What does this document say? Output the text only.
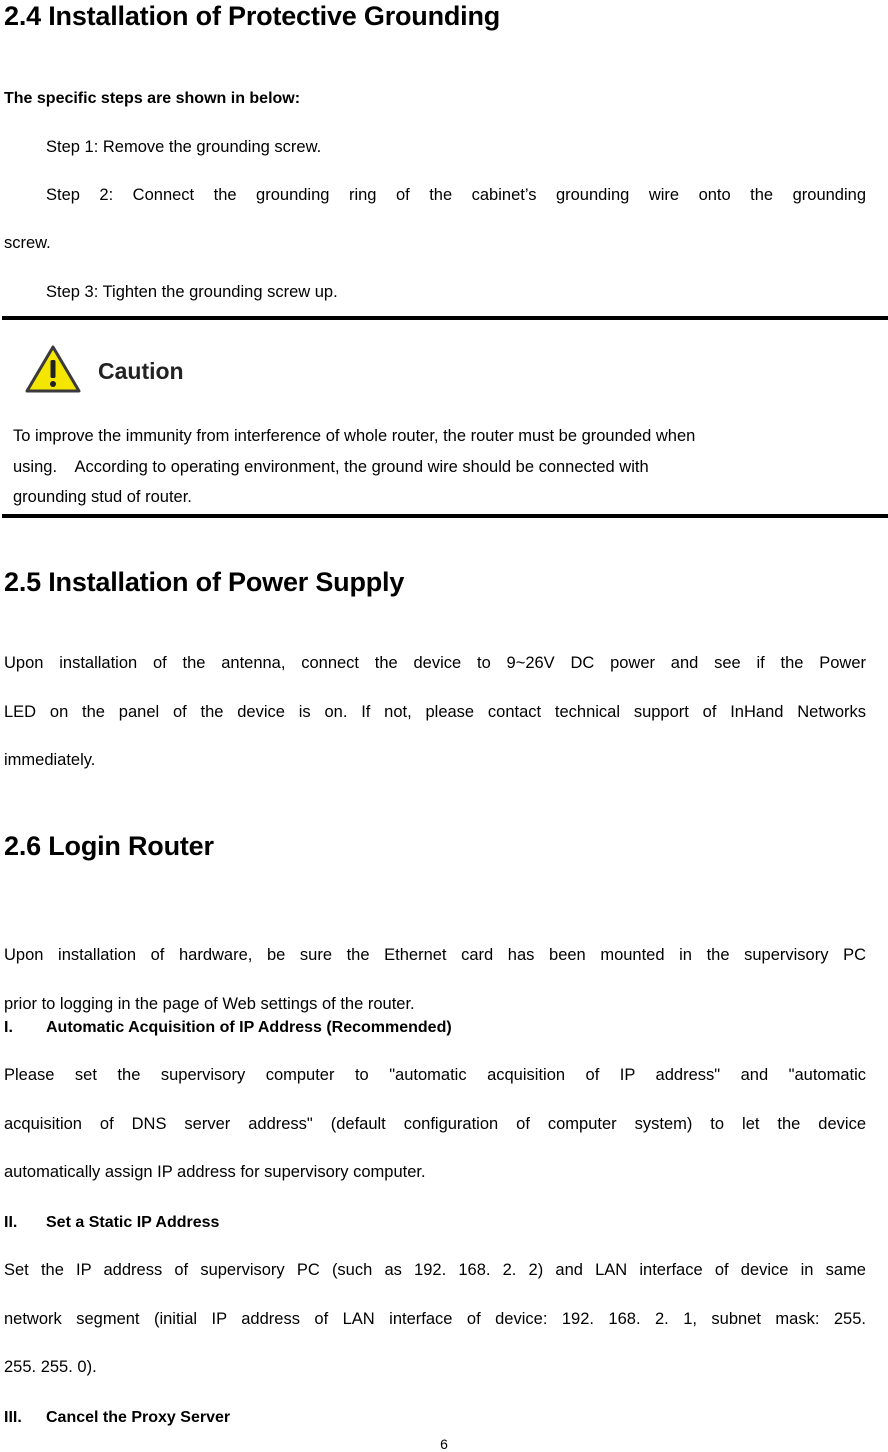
2.4 Installation of Protective Grounding

The specific steps are shown in below:

Step 1: Remove the grounding screw.

Step 2: Connect the grounding ring of the cabinet’s grounding wire onto the grounding

screw.

Step 3: Tighten the grounding screw up.

Caution

To improve the immunity from interference of whole router, the router must be grounded when

using.    According to operating environment, the ground wire should be connected with

grounding stud of router.

2.5 Installation of Power Supply

Upon installation of the antenna, connect the device to 9~26V DC power and see if the Power

LED on the panel of the device is on. If not, please contact technical support of InHand Networks

immediately.

2.6 Login Router

Upon installation of hardware, be sure the Ethernet card has been mounted in the supervisory PC

prior to logging in the page of Web settings of the router.

I. Automatic Acquisition of IP Address (Recommended)

Please set the supervisory computer to "automatic acquisition of IP address" and "automatic

acquisition of DNS server address" (default configuration of computer system) to let the device

automatically assign IP address for supervisory computer.

II. Set a Static IP Address

Set the IP address of supervisory PC (such as 192. 168. 2. 2) and LAN interface of device in same

network segment (initial IP address of LAN interface of device: 192. 168. 2. 1, subnet mask: 255.

255. 255. 0).

III. Cancel the Proxy Server

6
